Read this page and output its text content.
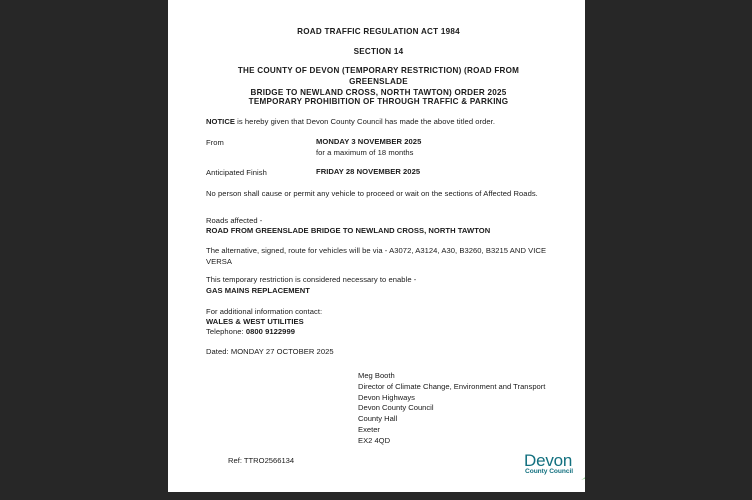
ROAD TRAFFIC REGULATION ACT 1984
SECTION 14
THE COUNTY OF DEVON (TEMPORARY RESTRICTION) (ROAD FROM GREENSLADE
BRIDGE TO NEWLAND CROSS, NORTH TAWTON) ORDER 2025
TEMPORARY PROHIBITION OF THROUGH TRAFFIC & PARKING
NOTICE is hereby given that Devon County Council has made the above titled order.
From	MONDAY 3 NOVEMBER 2025
for a maximum of 18 months
Anticipated Finish	FRIDAY 28 NOVEMBER 2025
No person shall cause or permit any vehicle to proceed or wait on the sections of Affected Roads.
Roads affected -
ROAD FROM GREENSLADE BRIDGE TO NEWLAND CROSS, NORTH TAWTON
The alternative, signed, route for vehicles will be via - A3072, A3124, A30, B3260, B3215 AND VICE VERSA
This temporary restriction is considered necessary to enable -
GAS MAINS REPLACEMENT
For additional information contact:
WALES & WEST UTILITIES
Telephone: 0800 9122999
Dated: MONDAY 27 OCTOBER 2025
Meg Booth
Director of Climate Change, Environment and Transport
Devon Highways
Devon County Council
County Hall
Exeter
EX2 4QD
Ref: TTRO2566134	Devon
County Council
